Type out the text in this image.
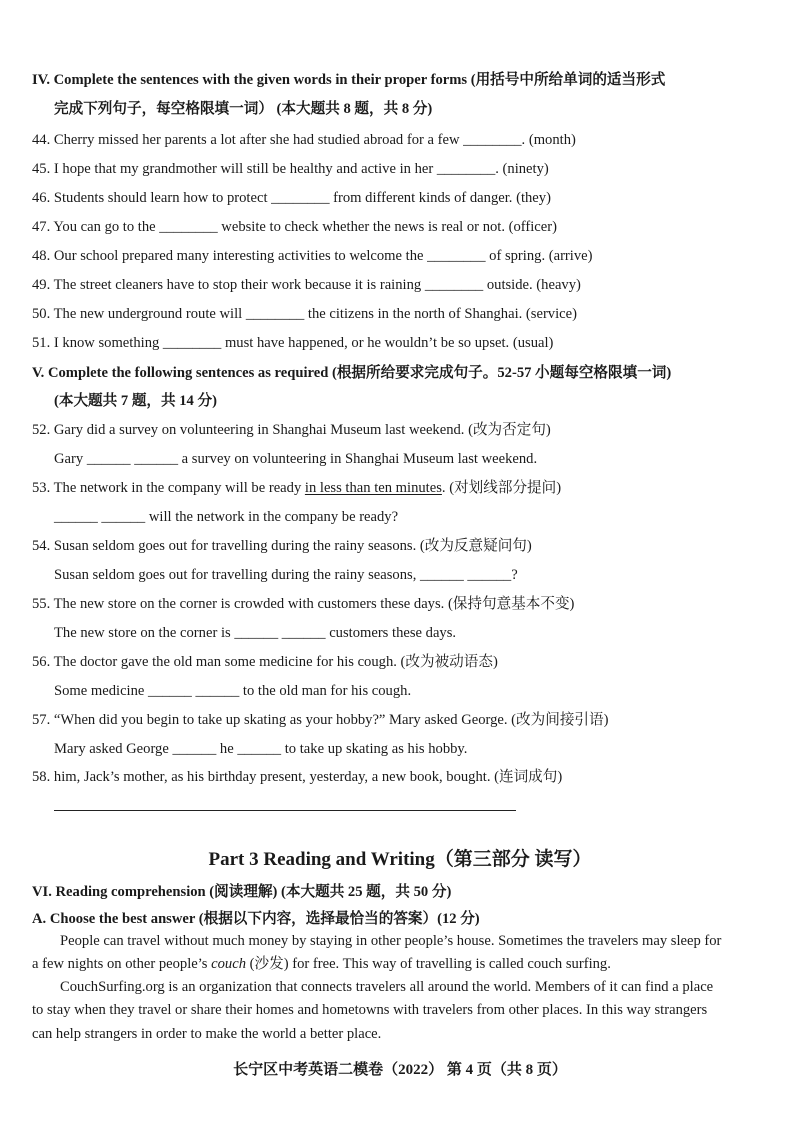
IV. Complete the sentences with the given words in their proper forms (用括号中所给单词的适当形式
完成下列句子，每空格限填一词） (本大题共 8 题，共 8 分)
44. Cherry missed her parents a lot after she had studied abroad for a few ________. (month)
45. I hope that my grandmother will still be healthy and active in her ________. (ninety)
46. Students should learn how to protect ________ from different kinds of danger. (they)
47. You can go to the ________ website to check whether the news is real or not. (officer)
48. Our school prepared many interesting activities to welcome the ________ of spring. (arrive)
49. The street cleaners have to stop their work because it is raining ________ outside. (heavy)
50. The new underground route will ________ the citizens in the north of Shanghai. (service)
51. I know something ________ must have happened, or he wouldn’t be so upset. (usual)
V. Complete the following sentences as required (根据所给要求完成句子。52-57 小题每空格限填一词)
(本大题共 7 题，共 14 分)
52. Gary did a survey on volunteering in Shanghai Museum last weekend. (改为否定句)
Gary ______ ______ a survey on volunteering in Shanghai Museum last weekend.
53. The network in the company will be ready in less than ten minutes. (对划线部分提问)
______ ______ will the network in the company be ready?
54. Susan seldom goes out for travelling during the rainy seasons. (改为反意疑问句)
Susan seldom goes out for travelling during the rainy seasons, ______ ______?
55. The new store on the corner is crowded with customers these days. (保持句意基本不变)
The new store on the corner is ______ ______ customers these days.
56. The doctor gave the old man some medicine for his cough. (改为被动语态)
Some medicine ______ ______ to the old man for his cough.
57. “When did you begin to take up skating as your hobby?” Mary asked George. (改为间接引语)
Mary asked George ______ he ______ to take up skating as his hobby.
58. him, Jack’s mother, as his birthday present, yesterday, a new book, bought. (连词成句)
Part 3 Reading and Writing（第三部分 读写）
VI. Reading comprehension (阅读理解) (本大题共 25 题，共 50 分)
A. Choose the best answer (根据以下内容，选择最恰当的答案）(12 分)
People can travel without much money by staying in other people’s house. Sometimes the travelers may sleep for a few nights on other people’s couch (沙发) for free. This way of travelling is called couch surfing.
CouchSurfing.org is an organization that connects travelers all around the world. Members of it can find a place to stay when they travel or share their homes and hometowns with travelers from other places. In this way strangers can help strangers in order to make the world a better place.
长宁区中考英语二模卷（2022） 第 4 页（共 8 页）
